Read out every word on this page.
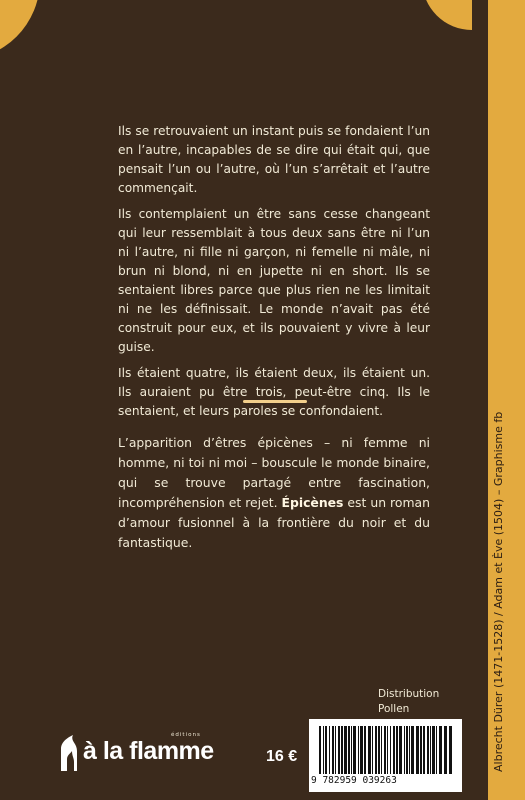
Ils se retrouvaient un instant puis se fondaient l’un en l’autre, incapables de se dire qui était qui, que pensait l’un ou l’autre, où l’un s’arrêtait et l’autre commençait.

Ils contemplaient un être sans cesse changeant qui leur ressemblait à tous deux sans être ni l’un ni l’autre, ni fille ni garçon, ni femelle ni mâle, ni brun ni blond, ni en jupette ni en short. Ils se sentaient libres parce que plus rien ne les limitait ni ne les définissait. Le monde n’avait pas été construit pour eux, et ils pouvaient y vivre à leur guise.

Ils étaient quatre, ils étaient deux, ils étaient un. Ils auraient pu être trois, peut-être cinq. Ils le sentaient, et leurs paroles se confondaient.

L’apparition d’êtres épicènes – ni femme ni homme, ni toi ni moi – bouscule le monde binaire, qui se trouve partagé entre fascination, incompréhension et rejet. Épicènes est un roman d’amour fusionnel à la frontière du noir et du fantastique.

Distribution
Pollen
éditions
à la flamme	16 €
9 782959 039263
Albrecht Dürer (1471-1528) / Adam et Ève (1504) – Graphisme fb
